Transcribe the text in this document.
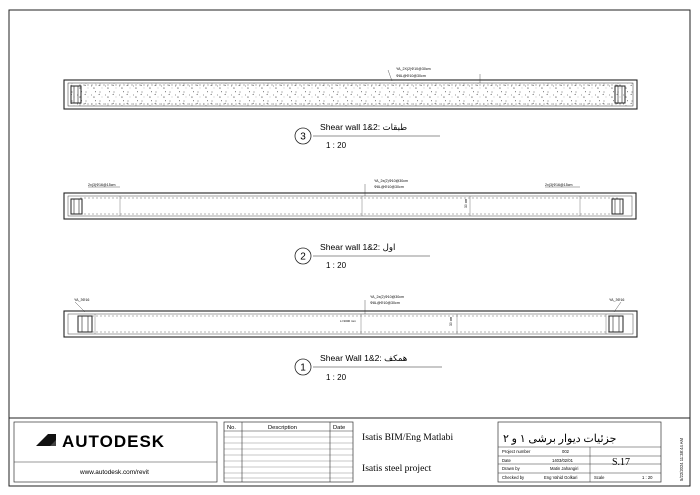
YA_2X(2)Φ10@30cm
Φ8L@Φ10@30cm
3
Shear wall 1&2: طبقات
1 : 20
2x(3)Φ16@15cm
YA_2x(2)Φ10@30cm
Φ8L@Φ10@30cm	2x(3)Φ16@15cm
30 cm
2
Shear wall 1&2: اول
1 : 20
YA_3Φ16
YA_2x(2)Φ10@30cm
Φ8L@Φ10@30cm
YA_3Φ16
L=3000 mm	30 cm
1
Shear Wall 1&2: همکف
1 : 20
AUTODESK
www.autodesk.com/revit
No.	Description	Date
Isatis BIM/Eng Matlabi
Isatis steel project
جزئیات دیوار برشی ۱ و ۲
Project number	002
Date	1403/02/01
Drawn by	Matin Jahangiri
Checked by	Eng Vahid Golkari
S.17
Scale	1 : 20	5/22/2024 11:38:44 AM
